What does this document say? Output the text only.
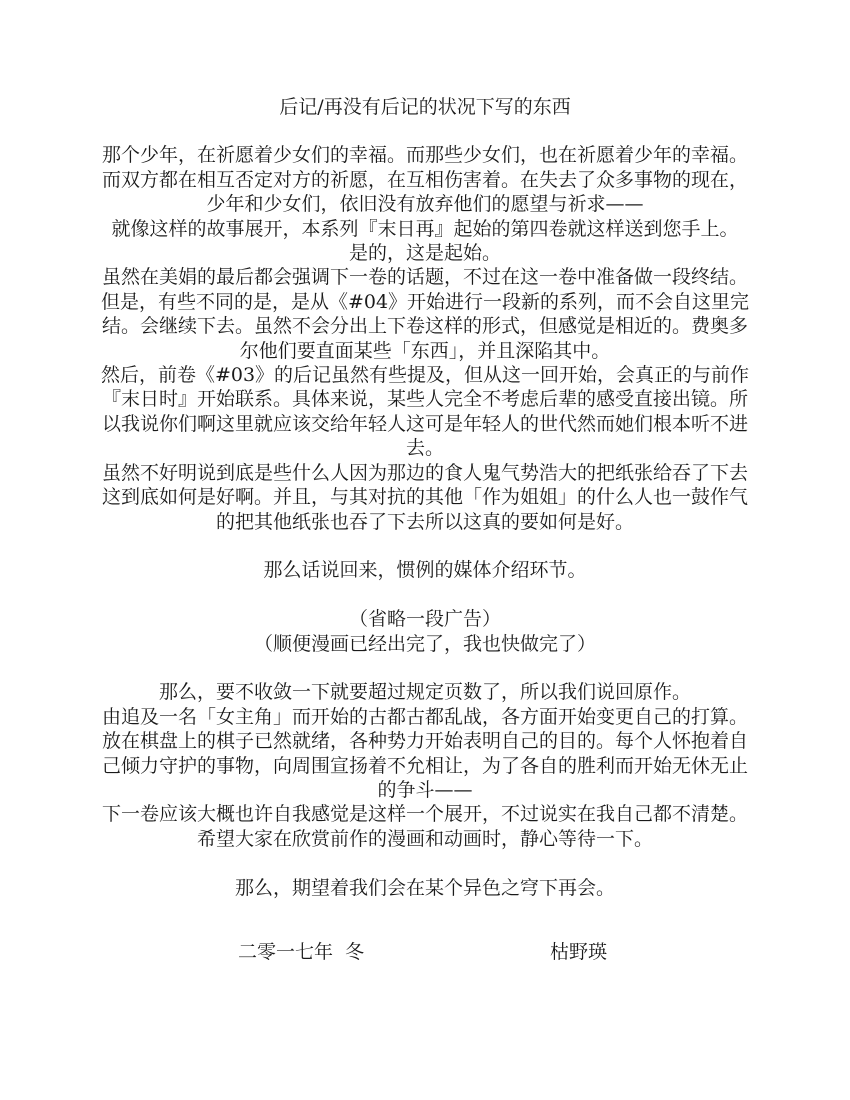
后记/再没有后记的状况下写的东西

那个少年，在祈愿着少女们的幸福。而那些少女们，也在祈愿着少年的幸福。而双方都在相互否定对方的祈愿，在互相伤害着。在失去了众多事物的现在，少年和少女们，依旧没有放弃他们的愿望与祈求——

就像这样的故事展开，本系列『末日再』起始的第四卷就这样送到您手上。

是的，这是起始。

虽然在美娟的最后都会强调下一卷的话题，不过在这一卷中准备做一段终结。但是，有些不同的是，是从《#04》开始进行一段新的系列，而不会自这里完结。会继续下去。虽然不会分出上下卷这样的形式，但感觉是相近的。费奥多尔他们要直面某些「东西」，并且深陷其中。

然后，前卷《#03》的后记虽然有些提及，但从这一回开始，会真正的与前作『末日时』开始联系。具体来说，某些人完全不考虑后辈的感受直接出镜。所以我说你们啊这里就应该交给年轻人这可是年轻人的世代然而她们根本听不进去。

虽然不好明说到底是些什么人因为那边的食人鬼气势浩大的把纸张给吞了下去这到底如何是好啊。并且，与其对抗的其他「作为姐姐」的什么人也一鼓作气的把其他纸张也吞了下去所以这真的要如何是好。

那么话说回来，惯例的媒体介绍环节。

（省略一段广告）

（顺便漫画已经出完了，我也快做完了）

那么，要不收敛一下就要超过规定页数了，所以我们说回原作。

由追及一名「女主角」而开始的古都古都乱战，各方面开始变更自己的打算。放在棋盘上的棋子已然就绪，各种势力开始表明自己的目的。每个人怀抱着自己倾力守护的事物，向周围宣扬着不允相让，为了各自的胜利而开始无休无止的争斗——

下一卷应该大概也许自我感觉是这样一个展开，不过说实在我自己都不清楚。希望大家在欣赏前作的漫画和动画时，静心等待一下。

那么，期望着我们会在某个异色之穹下再会。

二零一七年  冬	枯野瑛
